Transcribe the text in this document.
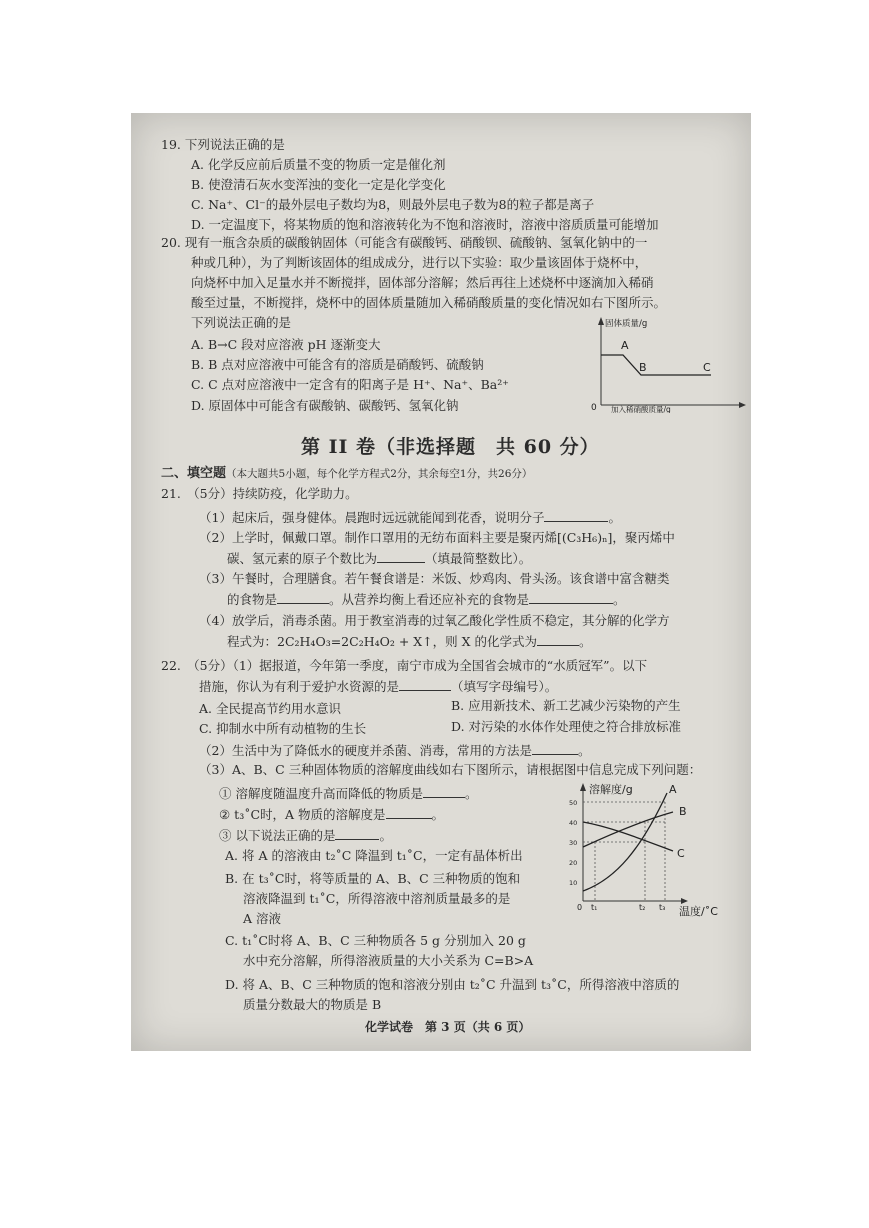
19. 下列说法正确的是
A. 化学反应前后质量不变的物质一定是催化剂
B. 使澄清石灰水变浑浊的变化一定是化学变化
C. Na⁺、Cl⁻的最外层电子数均为8，则最外层电子数为8的粒子都是离子
D. 一定温度下，将某物质的饱和溶液转化为不饱和溶液时，溶液中溶质质量可能增加
20. 现有一瓶含杂质的碳酸钠固体（可能含有碳酸钙、硝酸钡、硫酸钠、氢氧化钠中的一
种或几种），为了判断该固体的组成成分，进行以下实验：取少量该固体于烧杯中，
向烧杯中加入足量水并不断搅拌，固体部分溶解；然后再往上述烧杯中逐滴加入稀硝
酸至过量，不断搅拌，烧杯中的固体质量随加入稀硝酸质量的变化情况如右下图所示。
下列说法正确的是
A. B→C 段对应溶液 pH 逐渐变大
B. B 点对应溶液中可能含有的溶质是硝酸钙、硫酸钠
C. C 点对应溶液中一定含有的阳离子是 H⁺、Na⁺、Ba²⁺
D. 原固体中可能含有碳酸钠、碳酸钙、氢氧化钠
固体质量/g
0 加入稀硝酸质量/g
A
B	C
第 II 卷（非选择题　共 60 分）
二、填空题（本大题共5小题，每个化学方程式2分，其余每空1分，共26分）
21.　（5分）持续防疫，化学助力。
（1）起床后，强身健体。晨跑时远远就能闻到花香，说明分子	。
（2）上学时，佩戴口罩。制作口罩用的无纺布面料主要是聚丙烯[(C₃H₆)ₙ]，聚丙烯中
碳、氢元素的原子个数比为	（填最简整数比）。
（3）午餐时，合理膳食。若午餐食谱是：米饭、炒鸡肉、骨头汤。该食谱中富含糖类
的食物是	。从营养均衡上看还应补充的食物是	。
（4）放学后，消毒杀菌。用于教室消毒的过氧乙酸化学性质不稳定，其分解的化学方
程式为：2C₂H₄O₃=2C₂H₄O₂ + X↑，则 X 的化学式为	。
22.　（5分）（1）据报道，今年第一季度，南宁市成为全国省会城市的“水质冠军”。以下
措施，你认为有利于爱护水资源的是	（填写字母编号）。
A. 全民提高节约用水意识	B. 应用新技术、新工艺减少污染物的产生
C. 抑制水中所有动植物的生长	D. 对污染的水体作处理使之符合排放标准
（2）生活中为了降低水的硬度并杀菌、消毒，常用的方法是	。
（3）A、B、C 三种固体物质的溶解度曲线如右下图所示，请根据图中信息完成下列问题：
① 溶解度随温度升高而降低的物质是	。
② t₃˚C时，A 物质的溶解度是	。
③ 以下说法正确的是	。
A. 将 A 的溶液由 t₂˚C 降温到 t₁˚C，一定有晶体析出
B. 在 t₃˚C时，将等质量的 A、B、C 三种物质的饱和
溶液降温到 t₁˚C，所得溶液中溶剂质量最多的是
A 溶液
C. t₁˚C时将 A、B、C 三种物质各 5 g 分别加入 20 g
水中充分溶解，所得溶液质量的大小关系为 C=B>A
D. 将 A、B、C 三种物质的饱和溶液分别由 t₂˚C 升温到 t₃˚C，所得溶液中溶质的
质量分数最大的物质是 B
溶解度/g
温度/˚C
50
40
30
20
10
0 t₁	t₂ t₃
A
B
C
化学试卷　第 3 页（共 6 页）
